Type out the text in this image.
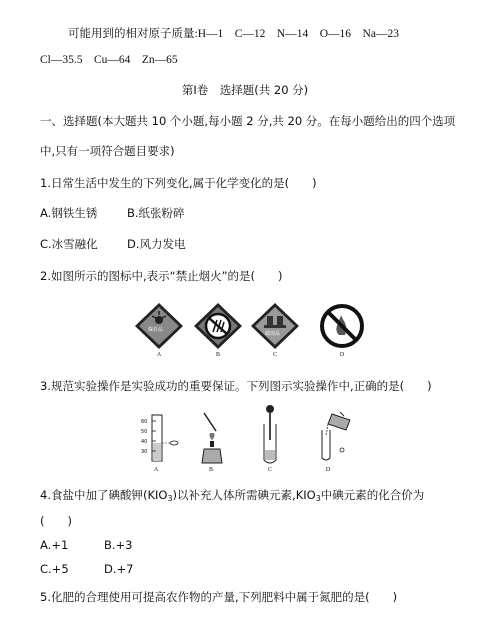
可能用到的相对原子质量:H—1　C—12　N—14　O—16　Na—23
Cl—35.5　Cu—64　Zn—65
第Ⅰ卷　选择题(共 20 分)
一、选择题(本大题共 10 个小题,每小题 2 分,共 20 分。在每小题给出的四个选项
中,只有一项符合题目要求)
1.日常生活中发生的下列变化,属于化学变化的是(　　)
A.钢铁生锈	B.纸张粉碎
C.冰雪融化	D.风力发电
2.如图所示的图标中,表示“禁止烟火”的是(　　)
爆炸品
A	B
腐蚀品
C	D
3.规范实验操作是实验成功的重要保证。下列图示实验操作中,正确的是(　　)
60
50
40
30
A	B	C	D
4.食盐中加了碘酸钾$(KIO_3)$以补充人体所需碘元素$,KIO_3$中碘元素的化合价为
(　　)
A.+1	B.+3
C.+5	D.+7
5.化肥的合理使用可提高农作物的产量,下列肥料中属于氮肥的是(　　)
